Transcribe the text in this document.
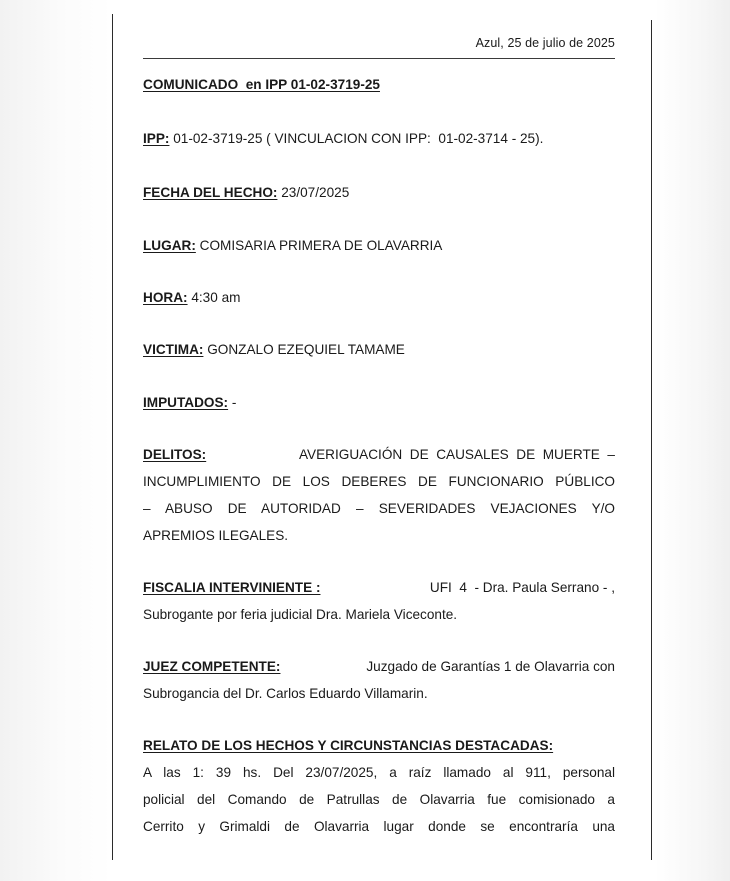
Azul, 25 de julio de 2025
COMUNICADO  en IPP 01-02-3719-25
IPP: 01-02-3719-25 ( VINCULACION CON IPP:  01-02-3714 - 25).
FECHA DEL HECHO: 23/07/2025
LUGAR: COMISARIA PRIMERA DE OLAVARRIA
HORA: 4:30 am
VICTIMA: GONZALO EZEQUIEL TAMAME
IMPUTADOS: -
DELITOS:	AVERIGUACIÓN  DE  CAUSALES  DE  MUERTE  –
INCUMPLIMIENTO DE LOS DEBERES DE FUNCIONARIO PÚBLICO
– ABUSO DE AUTORIDAD – SEVERIDADES VEJACIONES Y/O
APREMIOS ILEGALES.
FISCALIA INTERVINIENTE :	UFI  4  - Dra. Paula Serrano - ,
Subrogante por feria judicial Dra. Mariela Viceconte.
JUEZ COMPETENTE:	Juzgado de Garantías 1 de Olavarria con
Subrogancia del Dr. Carlos Eduardo Villamarin.
RELATO DE LOS HECHOS Y CIRCUNSTANCIAS DESTACADAS:
A las 1: 39 hs. Del 23/07/2025, a raíz llamado al 911, personal
policial del Comando de Patrullas de Olavarria fue comisionado a
Cerrito y Grimaldi de Olavarria lugar donde se encontraría una
